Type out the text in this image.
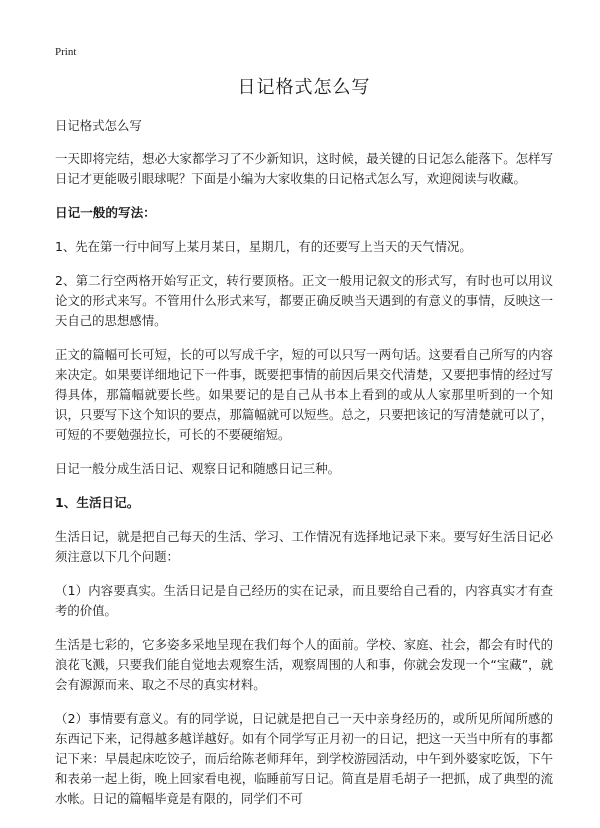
Print
日记格式怎么写

日记格式怎么写

一天即将完结，想必大家都学习了不少新知识，这时候，最关键的日记怎么能落下。怎样写日记才更能吸引眼球呢？下面是小编为大家收集的日记格式怎么写，欢迎阅读与收藏。

日记一般的写法：

1、先在第一行中间写上某月某日，星期几，有的还要写上当天的天气情况。

2、第二行空两格开始写正文，转行要顶格。正文一般用记叙文的形式写，有时也可以用议论文的形式来写。不管用什么形式来写，都要正确反映当天遇到的有意义的事情，反映这一天自己的思想感情。

正文的篇幅可长可短，长的可以写成千字，短的可以只写一两句话。这要看自己所写的内容来决定。如果要详细地记下一件事，既要把事情的前因后果交代清楚，又要把事情的经过写得具体，那篇幅就要长些。如果要记的是自己从书本上看到的或从人家那里听到的一个知识，只要写下这个知识的要点，那篇幅就可以短些。总之，只要把该记的写清楚就可以了，可短的不要勉强拉长，可长的不要硬缩短。

日记一般分成生活日记、观察日记和随感日记三种。

1、生活日记。

生活日记，就是把自己每天的生活、学习、工作情况有选择地记录下来。要写好生活日记必须注意以下几个问题：

（1）内容要真实。生活日记是自己经历的实在记录，而且要给自己看的，内容真实才有查考的价值。

生活是七彩的，它多姿多采地呈现在我们每个人的面前。学校、家庭、社会，都会有时代的浪花飞溅，只要我们能自觉地去观察生活，观察周围的人和事，你就会发现一个“宝藏”，就会有源源而来、取之不尽的真实材料。

（2）事情要有意义。有的同学说，日记就是把自己一天中亲身经历的，或所见所闻所感的东西记下来，记得越多越详越好。如有个同学写正月初一的日记，把这一天当中所有的事都记下来：早晨起床吃饺子，而后给陈老师拜年，到学校游园活动，中午到外婆家吃饭，下午和表弟一起上街，晚上回家看电视，临睡前写日记。简直是眉毛胡子一把抓，成了典型的流水帐。日记的篇幅毕竟是有限的，同学们不可
